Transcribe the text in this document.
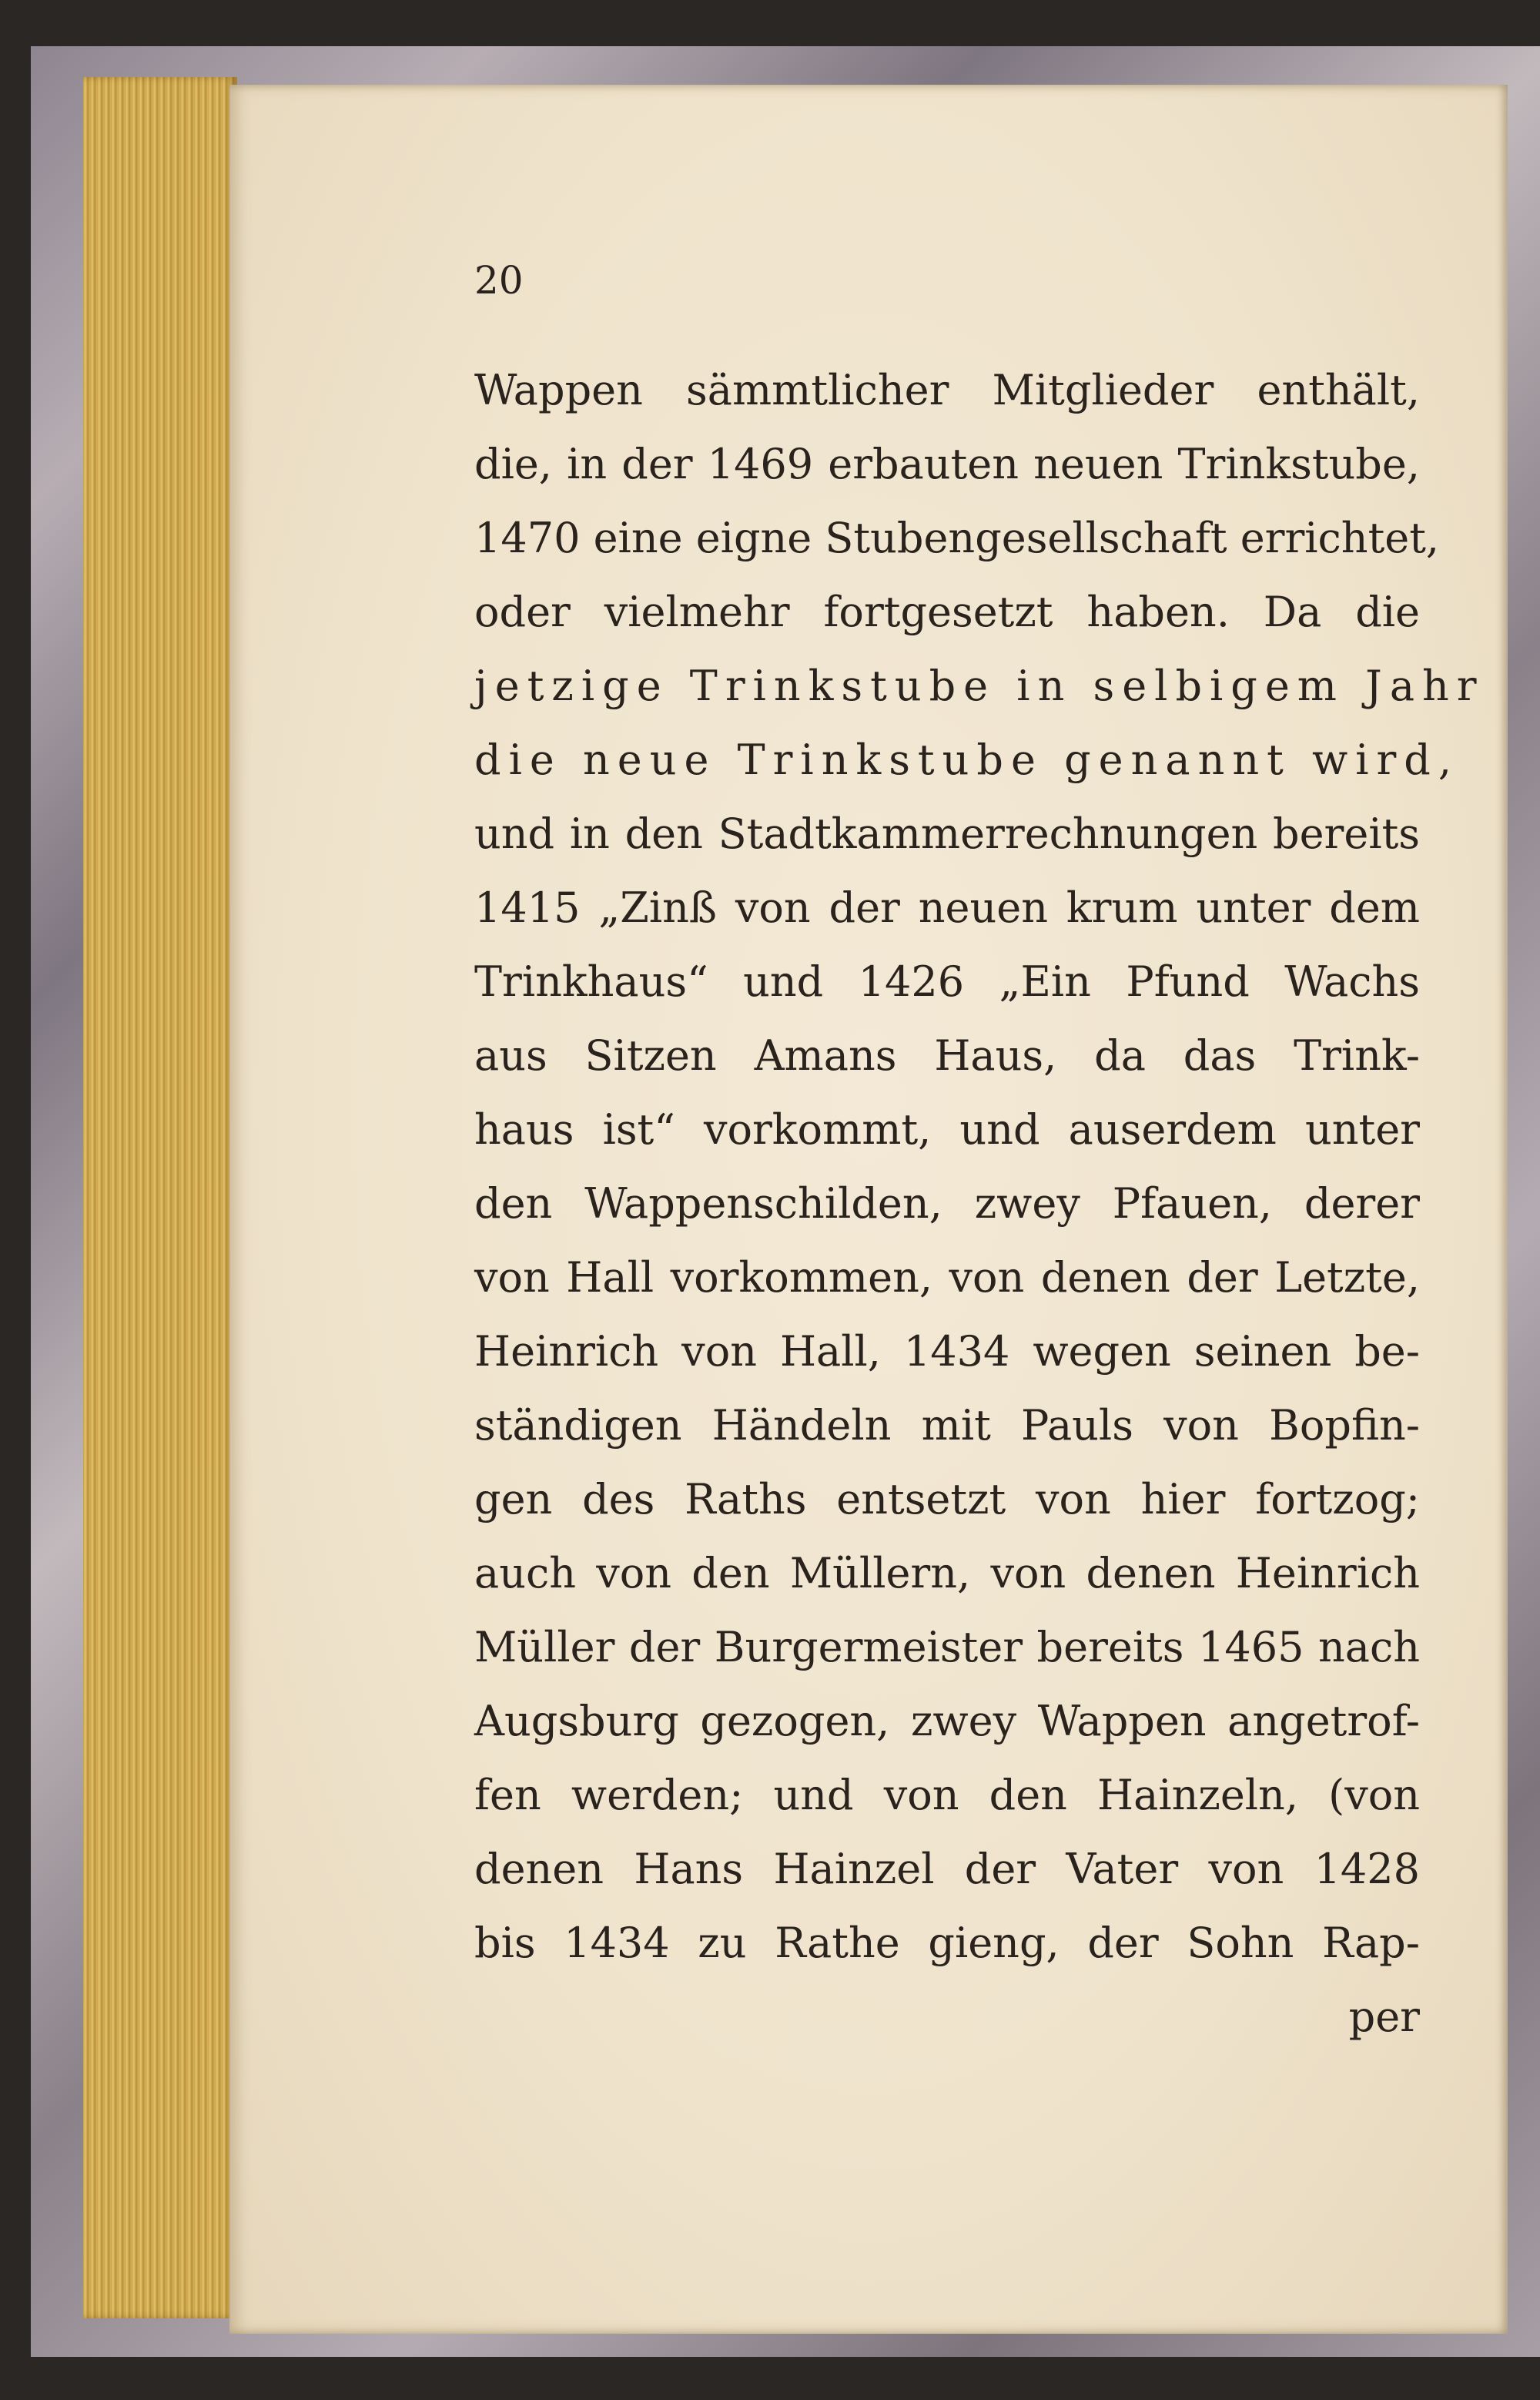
20
Wappen sämmtlicher Mitglieder enthält,
die, in der 1469 erbauten neuen Trinkstube,
1470 eine eigne Stubengesellschaft errichtet,
oder vielmehr fortgesetzt haben. Da die
jetzige Trinkstube in selbigem Jahr
die neue Trinkstube genannt wird,
und in den Stadtkammerrechnungen bereits
1415 „Zinß von der neuen krum unter dem
Trinkhaus“ und 1426 „Ein Pfund Wachs
aus Sitzen Amans Haus, da das Trink-
haus ist“ vorkommt, und auserdem unter
den Wappenschilden, zwey Pfauen, derer
von Hall vorkommen, von denen der Letzte,
Heinrich von Hall, 1434 wegen seinen be-
ständigen Händeln mit Pauls von Bopfin-
gen des Raths entsetzt von hier fortzog;
auch von den Müllern, von denen Heinrich
Müller der Burgermeister bereits 1465 nach
Augsburg gezogen, zwey Wappen angetrof-
fen werden; und von den Hainzeln, (von
denen Hans Hainzel der Vater von 1428
bis 1434 zu Rathe gieng, der Sohn Rap-
per
